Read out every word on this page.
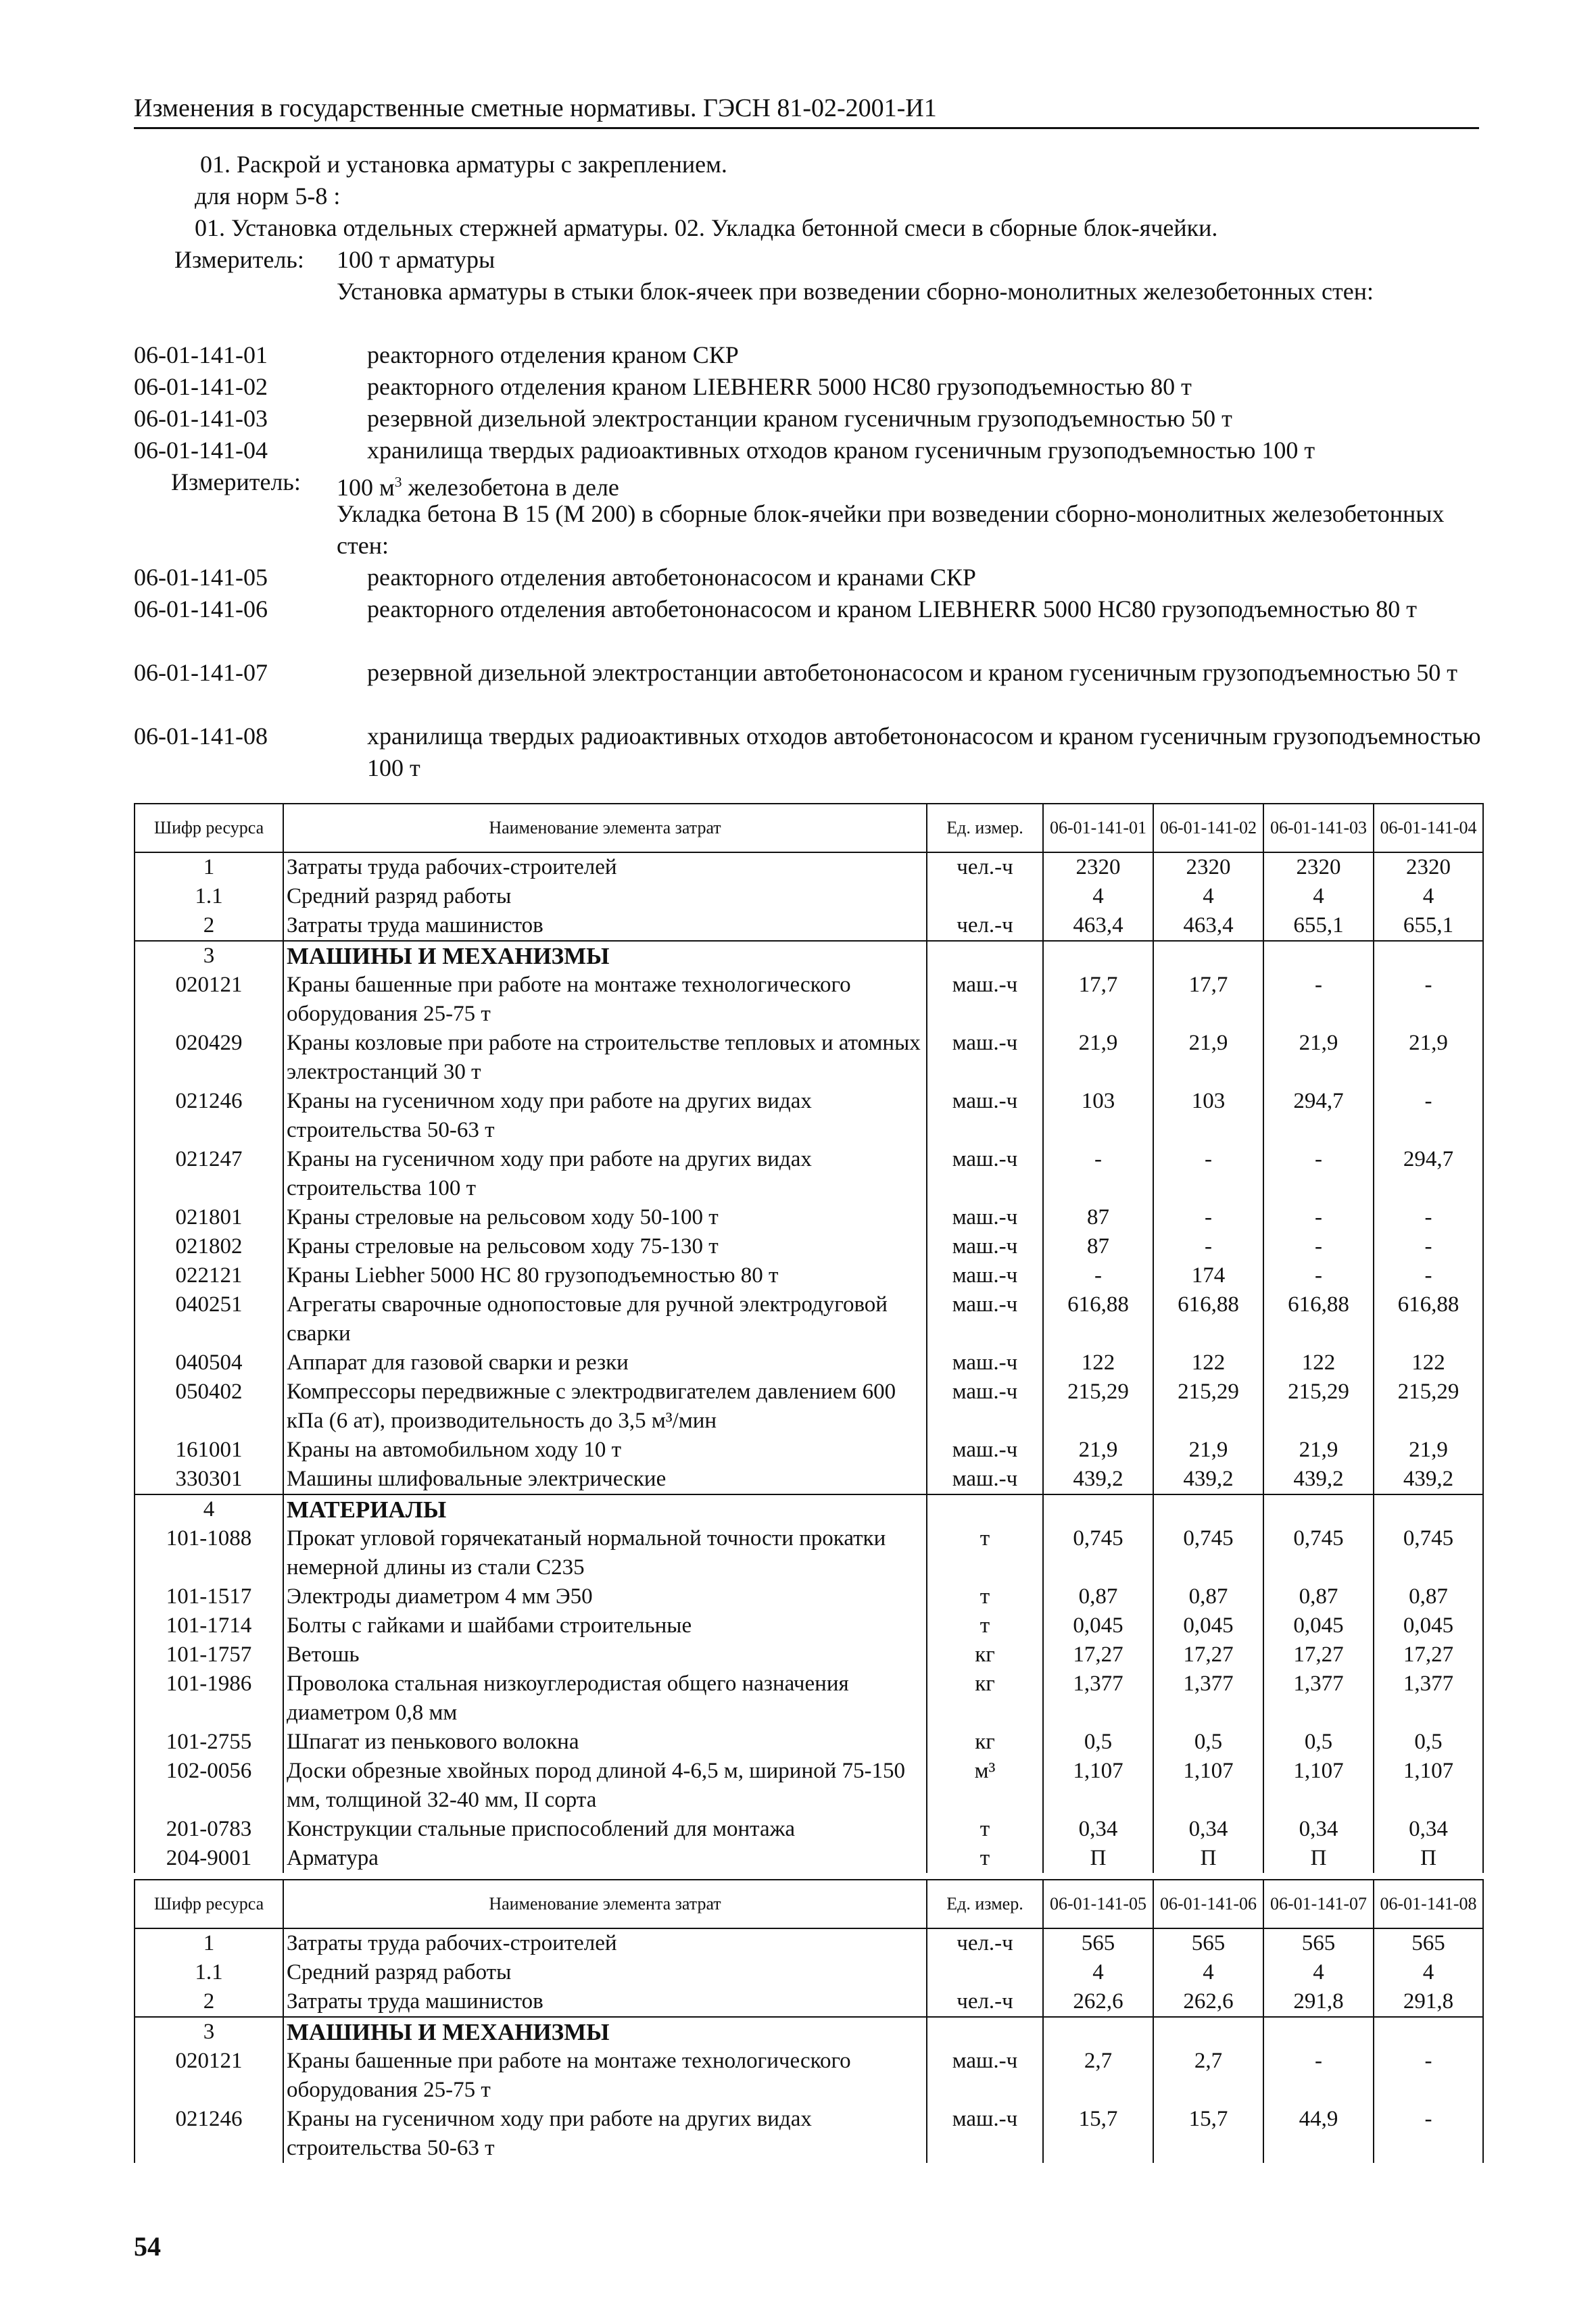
Изменения в государственные сметные нормативы. ГЭСН 81-02-2001-И1
01. Раскрой и установка арматуры с закреплением.
для норм 5-8 :
01. Установка отдельных стержней арматуры. 02. Укладка бетонной смеси в сборные блок-ячейки.
Измеритель: 100 т арматуры
Установка арматуры в стыки блок-ячеек при возведении сборно-монолитных железобетонных стен:
06-01-141-01	реакторного отделения краном СКР
06-01-141-02	реакторного отделения краном LIEBHERR 5000 НС80 грузоподъемностью 80 т
06-01-141-03	резервной дизельной электростанции краном гусеничным грузоподъемностью 50 т
06-01-141-04	хранилища твердых радиоактивных отходов краном гусеничным грузоподъемностью 100 т
Измеритель: 100 $м^3$ железобетона в деле
Укладка бетона В 15 (М 200) в сборные блок-ячейки при возведении сборно-монолитных железобетонных стен:
06-01-141-05	реакторного отделения автобетононасосом и кранами СКР
06-01-141-06	реакторного отделения автобетононасосом и краном LIEBHERR 5000 НС80 грузоподъемностью 80 т
06-01-141-07	резервной дизельной электростанции автобетононасосом и краном гусеничным грузоподъемностью 50 т
06-01-141-08	хранилища твердых радиоактивных отходов автобетононасосом и краном гусеничным грузоподъемностью 100 т
Шифр ресурса	Наименование элемента затрат	Ед. измер.	06-01-141-01	06-01-141-02	06-01-141-03	06-01-141-04
1	Затраты труда рабочих-строителей	чел.-ч	2320	2320	2320	2320
1.1	Средний разряд работы		4	4	4	4
2	Затраты труда машинистов	чел.-ч	463,4	463,4	655,1	655,1
3	МАШИНЫ И МЕХАНИЗМЫ					
020121	Краны башенные при работе на монтаже технологического оборудования 25-75 т	маш.-ч	17,7	17,7	-	-
020429	Краны козловые при работе на строительстве тепловых и атомных электростанций 30 т	маш.-ч	21,9	21,9	21,9	21,9
021246	Краны на гусеничном ходу при работе на других видах строительства 50-63 т	маш.-ч	103	103	294,7	-
021247	Краны на гусеничном ходу при работе на других видах строительства 100 т	маш.-ч	-	-	-	294,7
021801	Краны стреловые на рельсовом ходу 50-100 т	маш.-ч	87	-	-	-
021802	Краны стреловые на рельсовом ходу 75-130 т	маш.-ч	87	-	-	-
022121	Краны Liebher 5000 НС 80 грузоподъемностью 80 т	маш.-ч	-	174	-	-
040251	Агрегаты сварочные однопостовые для ручной электродуговой сварки	маш.-ч	616,88	616,88	616,88	616,88
040504	Аппарат для газовой сварки и резки	маш.-ч	122	122	122	122
050402	Компрессоры передвижные с электродвигателем давлением 600 кПа (6 ат), производительность до 3,5 м³/мин	маш.-ч	215,29	215,29	215,29	215,29
161001	Краны на автомобильном ходу 10 т	маш.-ч	21,9	21,9	21,9	21,9
330301	Машины шлифовальные электрические	маш.-ч	439,2	439,2	439,2	439,2
4	МАТЕРИАЛЫ					
101-1088	Прокат угловой горячекатаный нормальной точности прокатки немерной длины из стали С235	т	0,745	0,745	0,745	0,745
101-1517	Электроды диаметром 4 мм Э50	т	0,87	0,87	0,87	0,87
101-1714	Болты с гайками и шайбами строительные	т	0,045	0,045	0,045	0,045
101-1757	Ветошь	кг	17,27	17,27	17,27	17,27
101-1986	Проволока стальная низкоуглеродистая общего назначения диаметром 0,8 мм	кг	1,377	1,377	1,377	1,377
101-2755	Шпагат из пенькового волокна	кг	0,5	0,5	0,5	0,5
102-0056	Доски обрезные хвойных пород длиной 4-6,5 м, шириной 75-150 мм, толщиной 32-40 мм, II сорта	м³	1,107	1,107	1,107	1,107
201-0783	Конструкции стальные приспособлений для монтажа	т	0,34	0,34	0,34	0,34
204-9001	Арматура	т	П	П	П	П
Шифр ресурса	Наименование элемента затрат	Ед. измер.	06-01-141-05	06-01-141-06	06-01-141-07	06-01-141-08
1	Затраты труда рабочих-строителей	чел.-ч	565	565	565	565
1.1	Средний разряд работы		4	4	4	4
2	Затраты труда машинистов	чел.-ч	262,6	262,6	291,8	291,8
3	МАШИНЫ И МЕХАНИЗМЫ					
020121	Краны башенные при работе на монтаже технологического оборудования 25-75 т	маш.-ч	2,7	2,7	-	-
021246	Краны на гусеничном ходу при работе на других видах строительства 50-63 т	маш.-ч	15,7	15,7	44,9	-
54
